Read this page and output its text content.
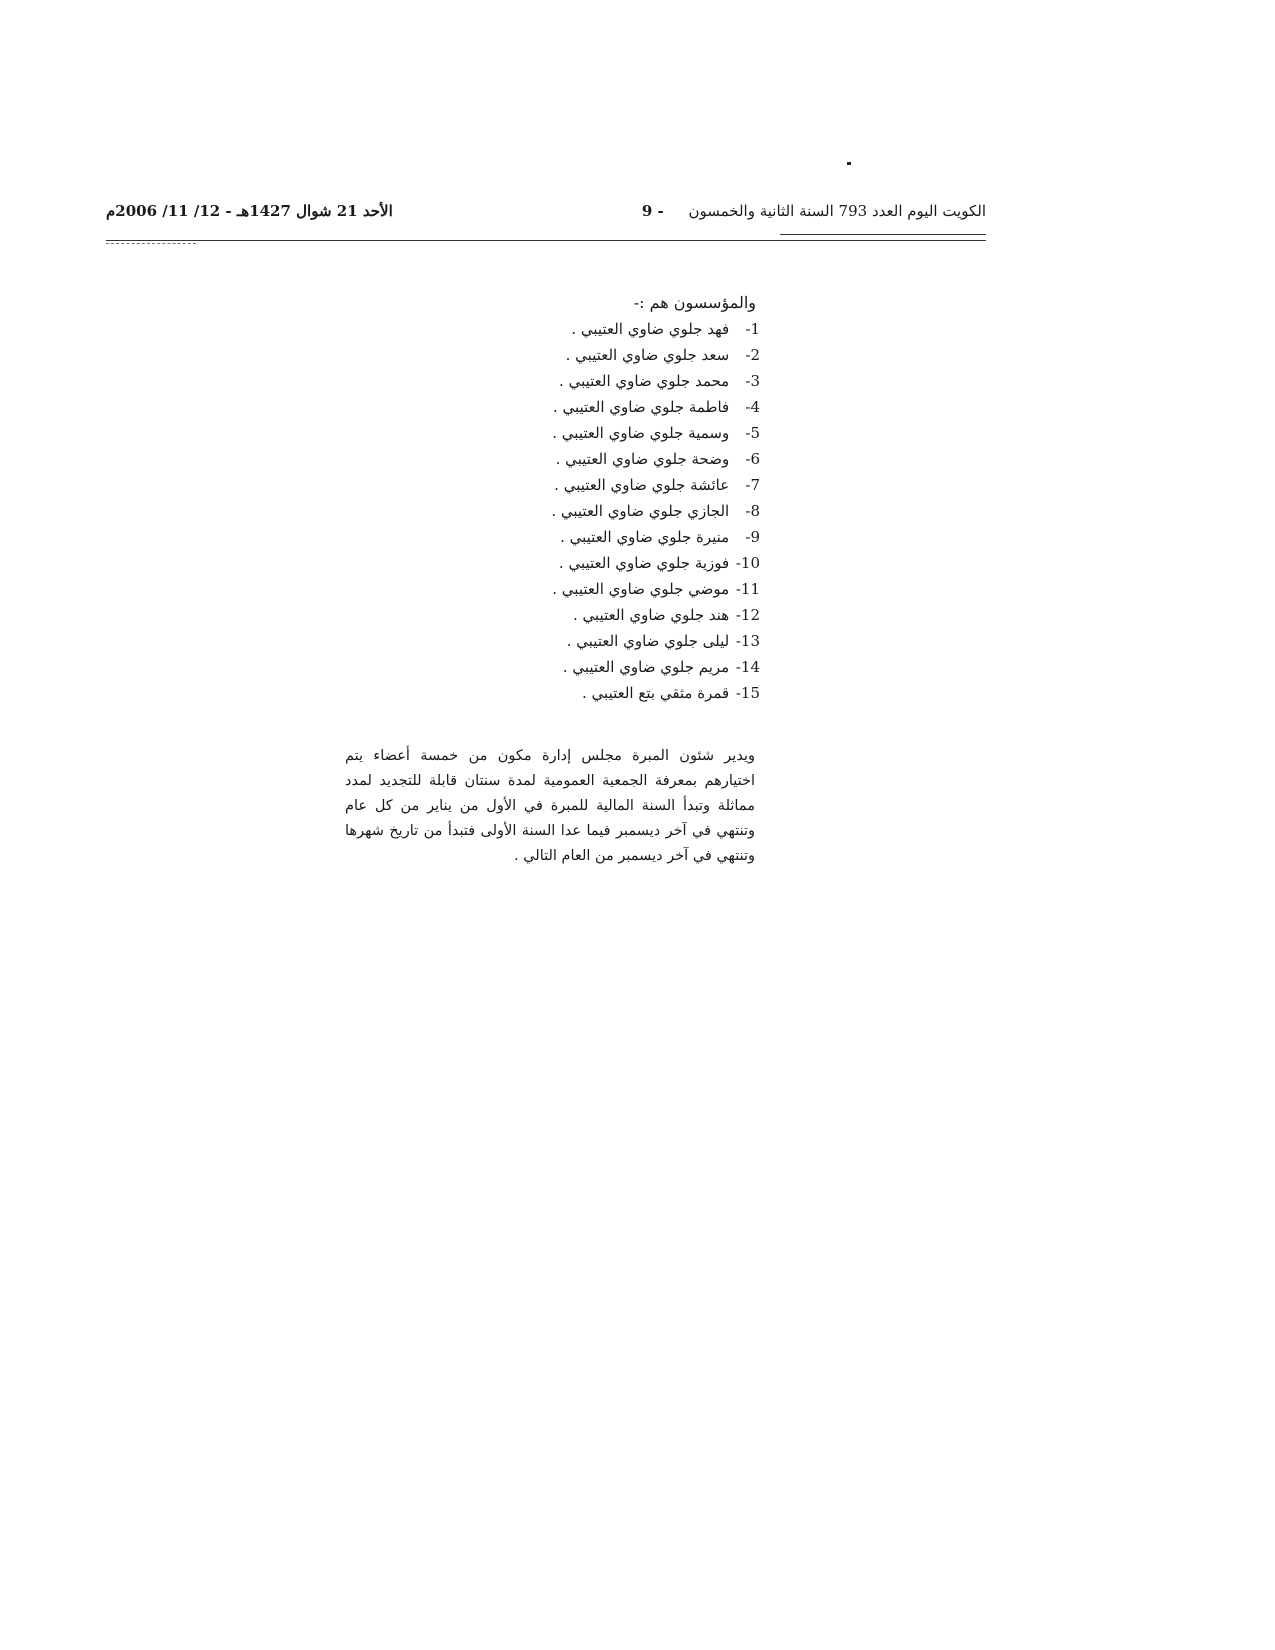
الكويت اليوم العدد 793 السنة الثانية والخمسون - 9
الأحد 21 شوال 1427هـ - 12/ 11/ 2006م

والمؤسسون هم :-

1- فهد جلوي ضاوي العتيبي .
2- سعد جلوي ضاوي العتيبي .
3- محمد جلوي ضاوي العتيبي .
4- فاطمة جلوي ضاوي العتيبي .
5- وسمية جلوي ضاوي العتيبي .
6- وضحة جلوي ضاوي العتيبي .
7- عائشة جلوي ضاوي العتيبي .
8- الجازي جلوي ضاوي العتيبي .
9- منيرة جلوي ضاوي العتيبي .
10- فوزية جلوي ضاوي العتيبي .
11- موضي جلوي ضاوي العتيبي .
12- هند جلوي ضاوي العتيبي .
13- ليلى جلوي ضاوي العتيبي .
14- مريم جلوي ضاوي العتيبي .
15- قمرة مثقي بتع العتيبي .

ويدير شئون المبرة مجلس إدارة مكون من خمسة أعضاء يتم اختيارهم بمعرفة الجمعية العمومية لمدة سنتان قابلة للتجديد لمدد مماثلة وتبدأ السنة المالية للمبرة في الأول من يناير من كل عام وتنتهي في آخر ديسمبر فيما عدا السنة الأولى فتبدأ من تاريخ شهرها وتنتهي في آخر ديسمبر من العام التالي .
